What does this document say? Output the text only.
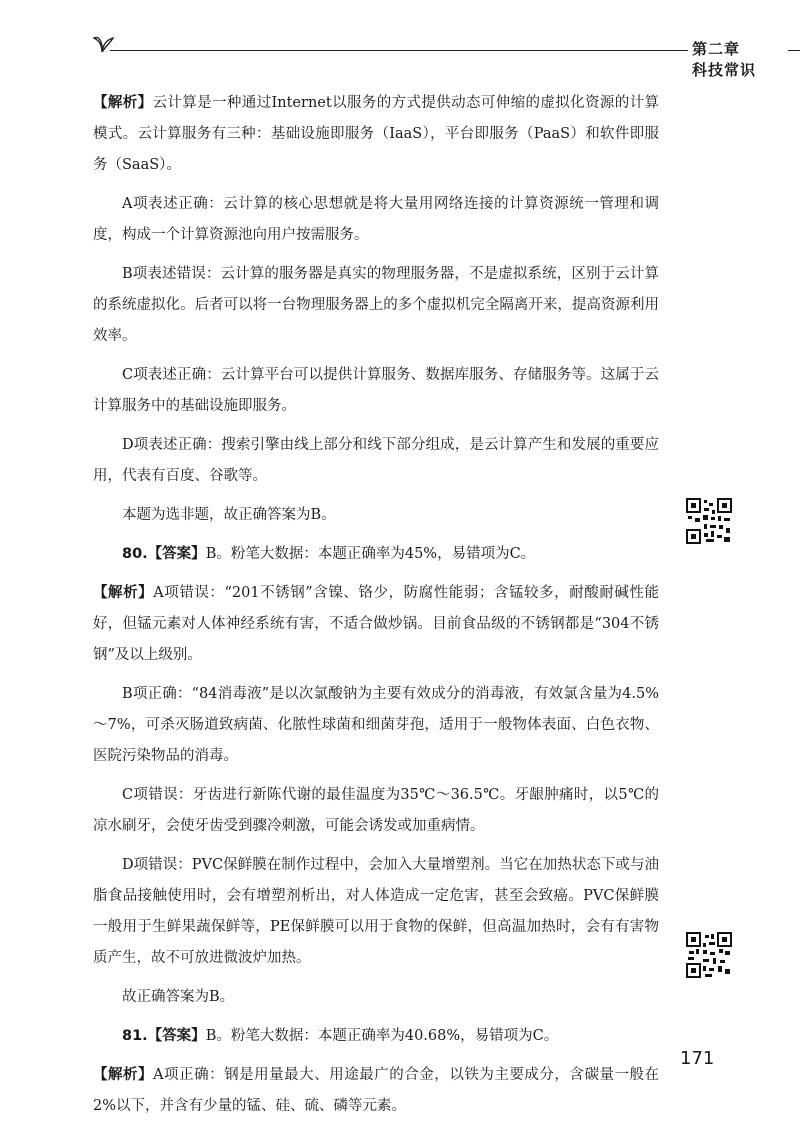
第二章  科技常识

【解析】云计算是一种通过Internet以服务的方式提供动态可伸缩的虚拟化资源的计算模式。云计算服务有三种：基础设施即服务（IaaS），平台即服务（PaaS）和软件即服务（SaaS）。

A项表述正确：云计算的核心思想就是将大量用网络连接的计算资源统一管理和调度，构成一个计算资源池向用户按需服务。

B项表述错误：云计算的服务器是真实的物理服务器，不是虚拟系统，区别于云计算的系统虚拟化。后者可以将一台物理服务器上的多个虚拟机完全隔离开来，提高资源利用效率。

C项表述正确：云计算平台可以提供计算服务、数据库服务、存储服务等。这属于云计算服务中的基础设施即服务。

D项表述正确：搜索引擎由线上部分和线下部分组成，是云计算产生和发展的重要应用，代表有百度、谷歌等。

本题为选非题，故正确答案为B。

80.【答案】B。粉笔大数据：本题正确率为45%，易错项为C。

【解析】A项错误：“201不锈钢”含镍、铬少，防腐性能弱；含锰较多，耐酸耐碱性能好，但锰元素对人体神经系统有害，不适合做炒锅。目前食品级的不锈钢都是“304不锈钢”及以上级别。

B项正确：“84消毒液”是以次氯酸钠为主要有效成分的消毒液，有效氯含量为4.5%～7%，可杀灭肠道致病菌、化脓性球菌和细菌芽孢，适用于一般物体表面、白色衣物、医院污染物品的消毒。

C项错误：牙齿进行新陈代谢的最佳温度为35℃～36.5℃。牙龈肿痛时，以5℃的凉水刷牙，会使牙齿受到骤冷刺激，可能会诱发或加重病情。

D项错误：PVC保鲜膜在制作过程中，会加入大量增塑剂。当它在加热状态下或与油脂食品接触使用时，会有增塑剂析出，对人体造成一定危害，甚至会致癌。PVC保鲜膜一般用于生鲜果蔬保鲜等，PE保鲜膜可以用于食物的保鲜，但高温加热时，会有有害物质产生，故不可放进微波炉加热。

故正确答案为B。

81.【答案】B。粉笔大数据：本题正确率为40.68%，易错项为C。

【解析】A项正确：钢是用量最大、用途最广的合金，以铁为主要成分，含碳量一般在2%以下，并含有少量的锰、硅、硫、磷等元素。

171
